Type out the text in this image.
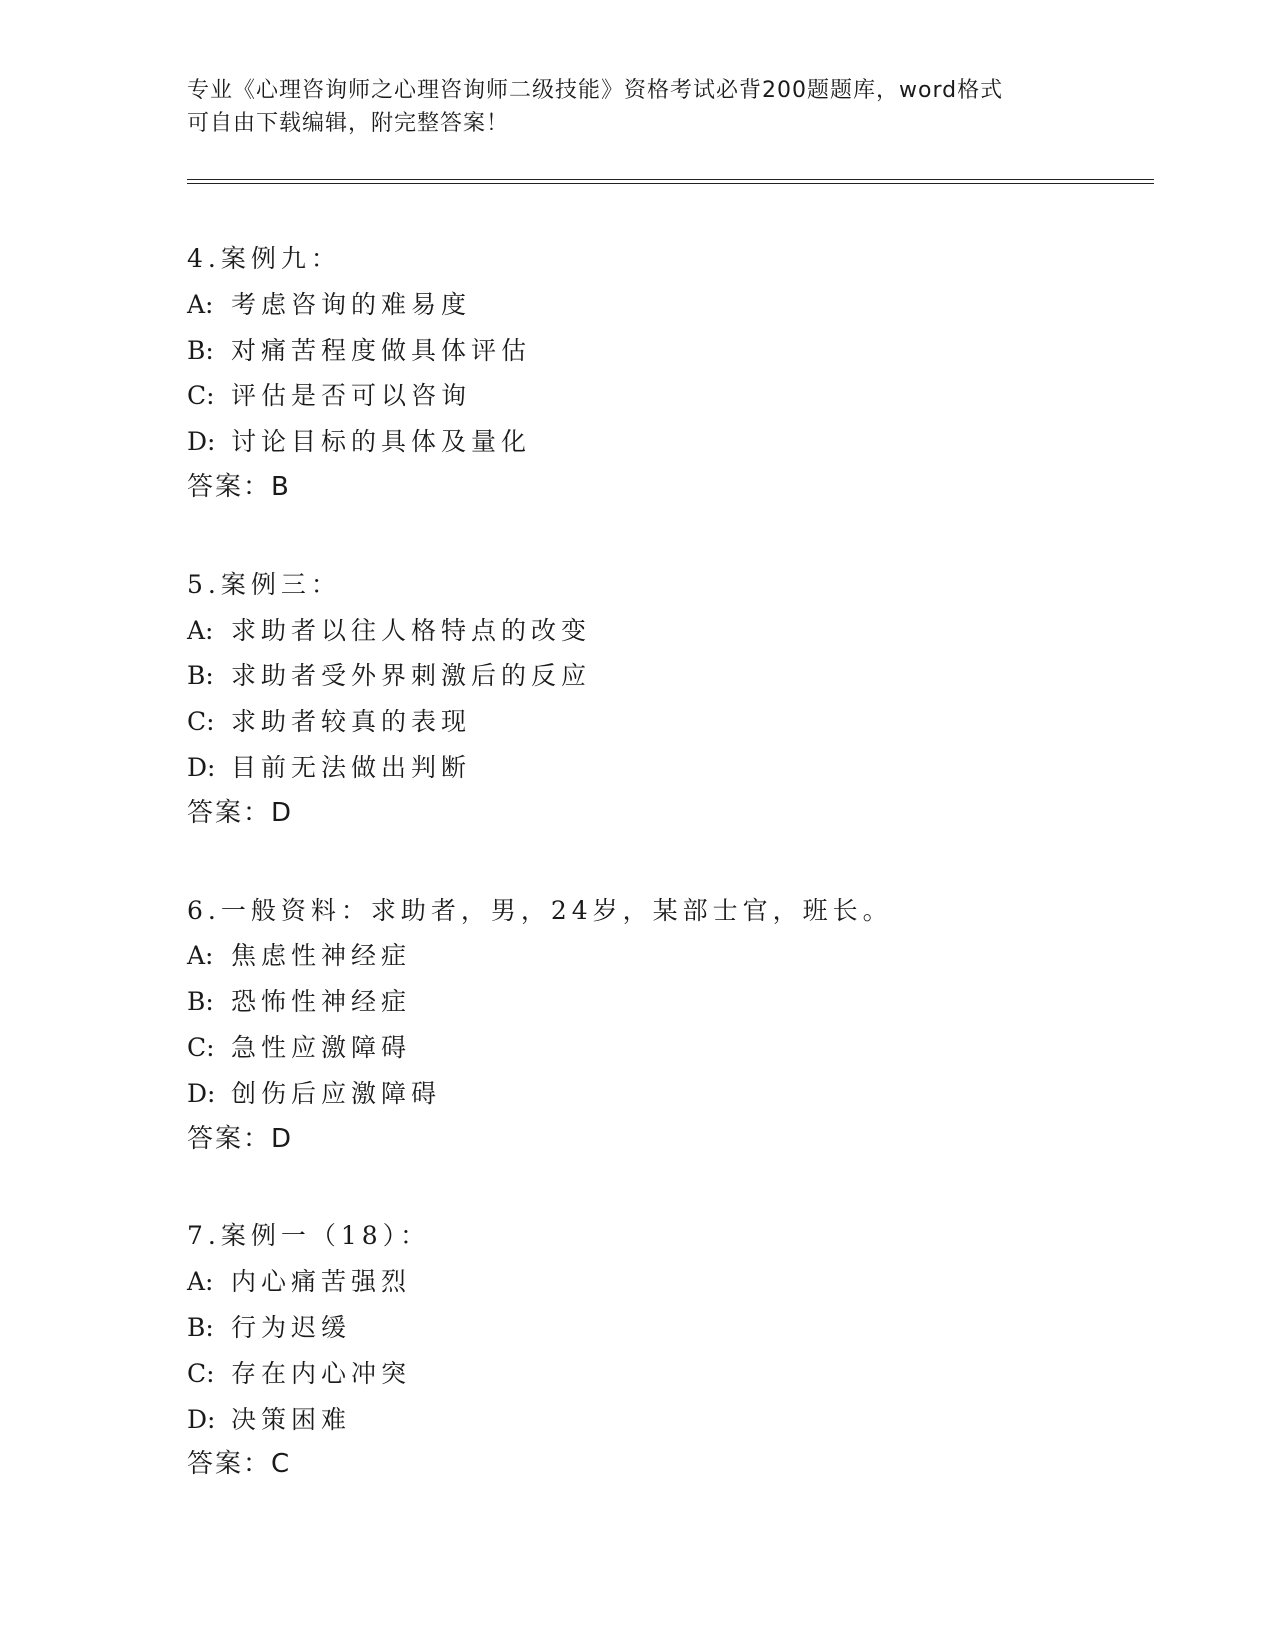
专业《心理咨询师之心理咨询师二级技能》资格考试必背200题题库，word格式
可自由下载编辑，附完整答案！
4.案例九：
A: 考虑咨询的难易度
B: 对痛苦程度做具体评估
C: 评估是否可以咨询
D: 讨论目标的具体及量化
答案：B
5.案例三：
A: 求助者以往人格特点的改变
B: 求助者受外界刺激后的反应
C: 求助者较真的表现
D: 目前无法做出判断
答案：D
6.一般资料：求助者，男，24岁，某部士官，班长。
A: 焦虑性神经症
B: 恐怖性神经症
C: 急性应激障碍
D: 创伤后应激障碍
答案：D
7.案例一（18）：
A: 内心痛苦强烈
B: 行为迟缓
C: 存在内心冲突
D: 决策困难
答案：C
